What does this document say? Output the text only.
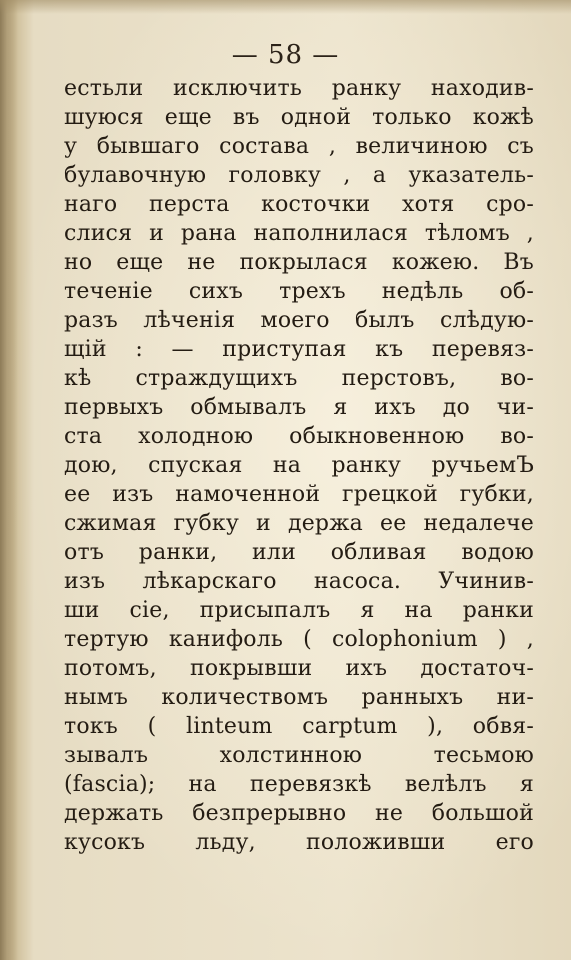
— 58 —
естьли исключить ранку находив-
шуюся еще въ одной только кожѣ
у бывшаго состава , величиною съ
булавочную головку , а указатель-
наго перста косточки хотя сро-
слися и рана наполнилася тѣломъ ,
но еще не покрылася кожею. Въ
теченіе сихъ трехъ недѣль об-
разъ лѣченія моего былъ слѣдую-
щій : — приступая къ перевяз-
кѣ страждущихъ перстовъ, во-
первыхъ обмывалъ я ихъ до чи-
ста холодною обыкновенною во-
дою, спуская на ранку ручьемЪ
ее изъ намоченной грецкой губки,
сжимая губку и держа ее недалече
отъ ранки, или обливая водою
изъ лѣкарскаго насоса. Учинив-
ши сіе, присыпалъ я на ранки
тертую канифоль ( colophonium ) ,
потомъ, покрывши ихъ достаточ-
нымъ количествомъ ранныхъ ни-
токъ ( linteum carptum ), обвя-
зывалъ холстинною тесьмою
(fascia); на перевязкѣ велѣлъ я
держать безпрерывно не большой
кусокъ льду, положивши его
